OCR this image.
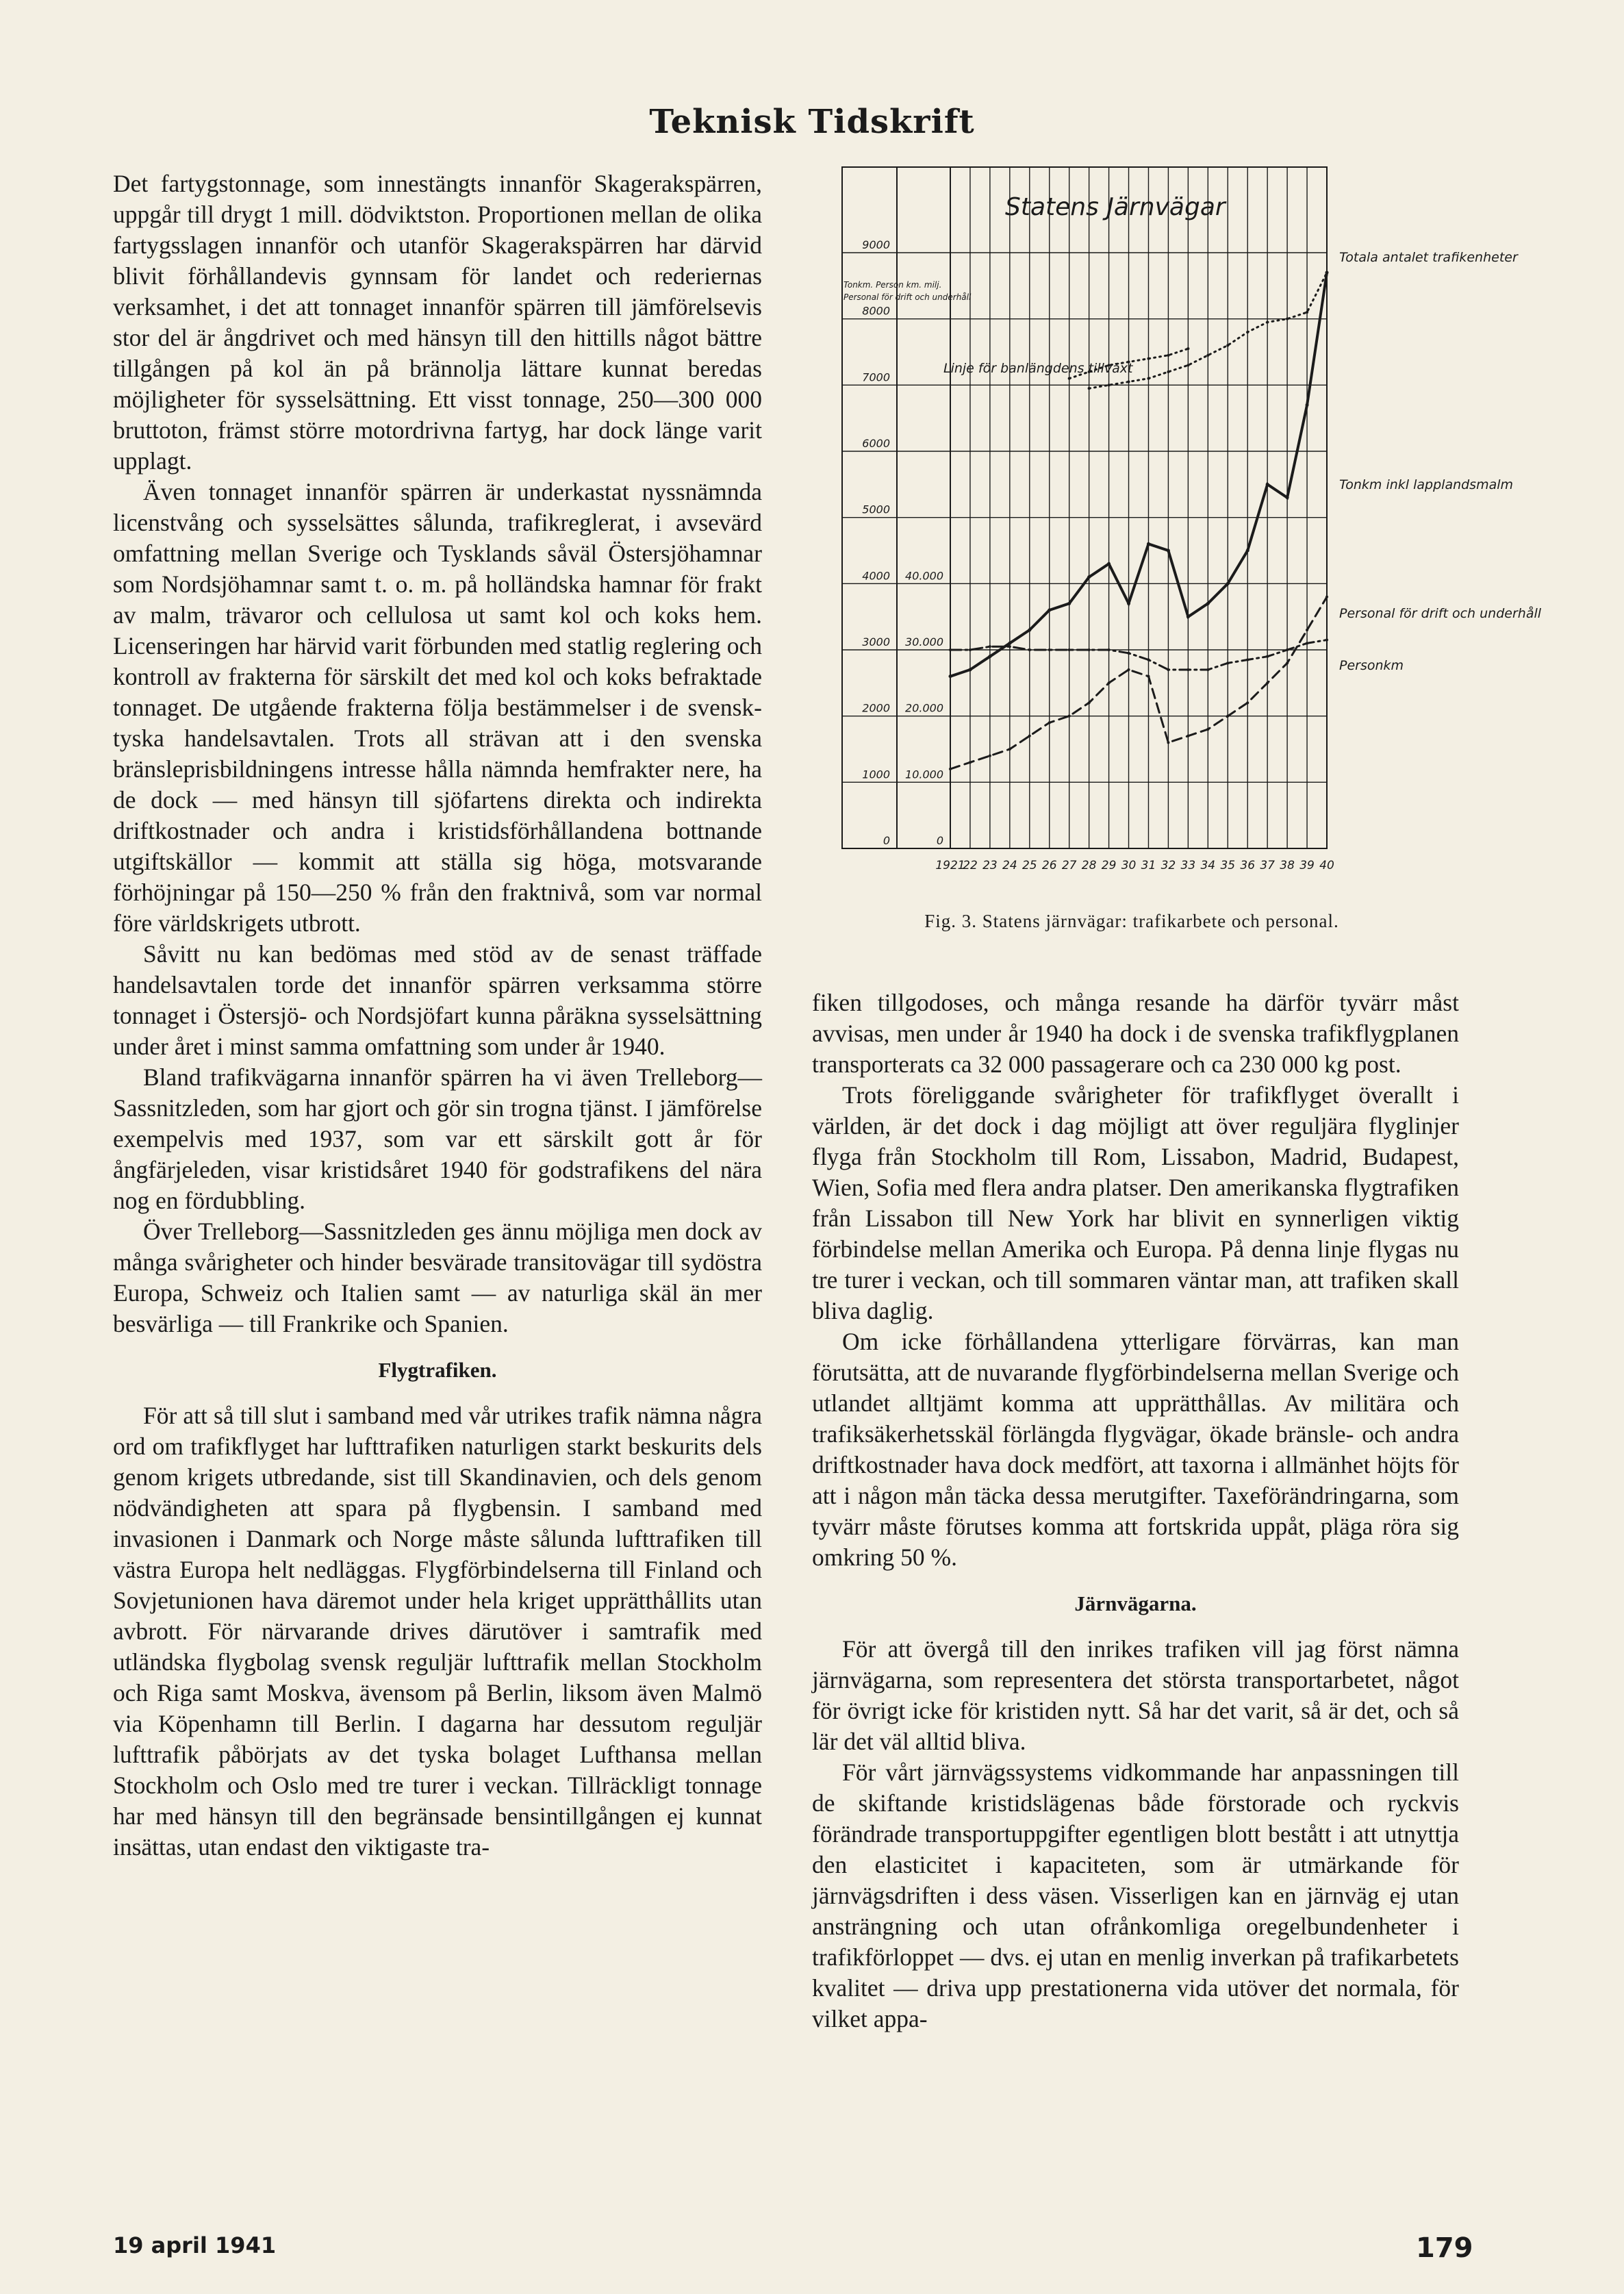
Teknisk Tidskrift

Det fartygstonnage, som innestängts innanför Skagerakspärren, uppgår till drygt 1 mill. dödviktston. Proportionen mellan de olika fartygsslagen innanför och utanför Skagerakspärren har därvid blivit förhållandevis gynnsam för landet och rederiernas verksamhet, i det att tonnaget innanför spärren till jämförelsevis stor del är ångdrivet och med hänsyn till den hittills något bättre tillgången på kol än på brännolja lättare kunnat beredas möjligheter för sysselsättning. Ett visst tonnage, 250—300 000 bruttoton, främst större motordrivna fartyg, har dock länge varit upplagt.

Även tonnaget innanför spärren är underkastat nyssnämnda licenstvång och sysselsättes sålunda, trafikreglerat, i avsevärd omfattning mellan Sverige och Tysklands såväl Östersjöhamnar som Nordsjöhamnar samt t. o. m. på holländska hamnar för frakt av malm, trävaror och cellulosa ut samt kol och koks hem. Licenseringen har härvid varit förbunden med statlig reglering och kontroll av frakterna för särskilt det med kol och koks befraktade tonnaget. De utgående frakterna följa bestämmelser i de svensk-tyska handelsavtalen. Trots all strävan att i den svenska bränsleprisbildningens intresse hålla nämnda hemfrakter nere, ha de dock — med hänsyn till sjöfartens direkta och indirekta driftkostnader och andra i kristidsförhållandena bottnande utgiftskällor — kommit att ställa sig höga, motsvarande förhöjningar på 150—250 % från den fraktnivå, som var normal före världskrigets utbrott.

Såvitt nu kan bedömas med stöd av de senast träffade handelsavtalen torde det innanför spärren verksamma större tonnaget i Östersjö- och Nordsjöfart kunna påräkna sysselsättning under året i minst samma omfattning som under år 1940.

Bland trafikvägarna innanför spärren ha vi även Trelleborg—Sassnitzleden, som har gjort och gör sin trogna tjänst. I jämförelse exempelvis med 1937, som var ett särskilt gott år för ångfärjeleden, visar kristidsåret 1940 för godstrafikens del nära nog en fördubbling.

Över Trelleborg—Sassnitzleden ges ännu möjliga men dock av många svårigheter och hinder besvärade transitovägar till sydöstra Europa, Schweiz och Italien samt — av naturliga skäl än mer besvärliga — till Frankrike och Spanien.

Flygtrafiken.

För att så till slut i samband med vår utrikes trafik nämna några ord om trafikflyget har lufttrafiken naturligen starkt beskurits dels genom krigets utbredande, sist till Skandinavien, och dels genom nödvändigheten att spara på flygbensin. I samband med invasionen i Danmark och Norge måste sålunda lufttrafiken till västra Europa helt nedläggas. Flygförbindelserna till Finland och Sovjetunionen hava däremot under hela kriget upprätthållits utan avbrott. För närvarande drives därutöver i samtrafik med utländska flygbolag svensk reguljär lufttrafik mellan Stockholm och Riga samt Moskva, ävensom på Berlin, liksom även Malmö via Köpenhamn till Berlin. I dagarna har dessutom reguljär lufttrafik påbörjats av det tyska bolaget Lufthansa mellan Stockholm och Oslo med tre turer i veckan. Tillräckligt tonnage har med hänsyn till den begränsade bensintillgången ej kunnat insättas, utan endast den viktigaste tra-

0
1000
2000
3000
4000
5000
6000
7000
8000
9000
0
10.000
20.000
30.000
40.000
1921
22 23 24 25 26 27 28 29 30 31 32 33 34 35 36 37 38 39 40
Statens Järnvägar
Tonkm. Person km. milj.
Personal för drift och underhåll
Totala antalet trafikenheter
Linje för banlängdens tillväxt
Tonkm inkl lapplandsmalm
Personal för drift och underhåll
Personkm
Fig. 3. Statens järnvägar: trafikarbete och personal.

fiken tillgodoses, och många resande ha därför tyvärr måst avvisas, men under år 1940 ha dock i de svenska trafikflygplanen transporterats ca 32 000 passagerare och ca 230 000 kg post.

Trots föreliggande svårigheter för trafikflyget överallt i världen, är det dock i dag möjligt att över reguljära flyglinjer flyga från Stockholm till Rom, Lissabon, Madrid, Budapest, Wien, Sofia med flera andra platser. Den amerikanska flygtrafiken från Lissabon till New York har blivit en synnerligen viktig förbindelse mellan Amerika och Europa. På denna linje flygas nu tre turer i veckan, och till sommaren väntar man, att trafiken skall bliva daglig.

Om icke förhållandena ytterligare förvärras, kan man förutsätta, att de nuvarande flygförbindelserna mellan Sverige och utlandet alltjämt komma att upprätthållas. Av militära och trafiksäkerhetsskäl förlängda flygvägar, ökade bränsle- och andra driftkostnader hava dock medfört, att taxorna i allmänhet höjts för att i någon mån täcka dessa merutgifter. Taxeförändringarna, som tyvärr måste förutses komma att fortskrida uppåt, pläga röra sig omkring 50 %.

Järnvägarna.

För att övergå till den inrikes trafiken vill jag först nämna järnvägarna, som representera det största transportarbetet, något för övrigt icke för kristiden nytt. Så har det varit, så är det, och så lär det väl alltid bliva.

För vårt järnvägssystems vidkommande har anpassningen till de skiftande kristidslägenas både förstorade och ryckvis förändrade transportuppgifter egentligen blott bestått i att utnyttja den elasticitet i kapaciteten, som är utmärkande för järnvägsdriften i dess väsen. Visserligen kan en järnväg ej utan ansträngning och utan ofrånkomliga oregelbundenheter i trafikförloppet — dvs. ej utan en menlig inverkan på trafikarbetets kvalitet — driva upp prestationerna vida utöver det normala, för vilket appa-

19 april 1941	179
